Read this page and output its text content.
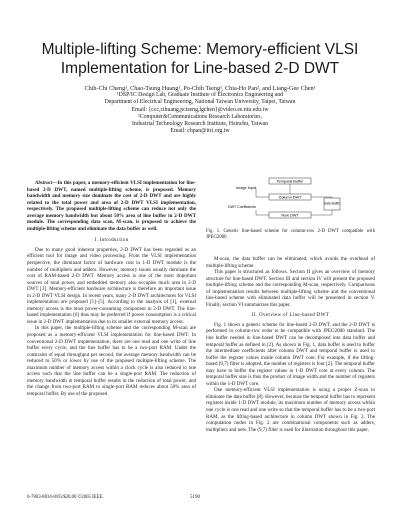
Multiple-lifting Scheme: Memory-efficient VLSI
Implementation for Line-based 2-D DWT
Chih-Chi Cheng¹, Chao-Tsung Huang¹, Po-Chih Tseng¹, Chia-Ho Pan², and Liang-Gee Chen¹
¹DSP/IC Design Lab, Graduate Institute of Electronics Engineering and
Department of Electrical Engineering, National Taiwan University, Taipei, Taiwan
Email: {ccc,cthuang,pctseng,lgchen}@video.ee.ntu.edu.tw
²Computer&Communications Research Laboratories,
Industrial Technology Research Institute, Hsinchu, Taiwan
Email: chpan@itri.org.tw

Abstract—In this paper, a memory-efficient VLSI implementation for line-based 2-D DWT, named multiple-lifting scheme, is proposed. Memory bandwidth and memory size dominate the cost of 2-D DWT and are highly related to the total power and area of 2-D DWT VLSI implementation, respectively. The proposed multiple-lifting scheme can reduce not only the average memory bandwidth but about 50% area of line buffer in 2-D DWT module. The corresponding data scan, M-scan, is proposed to achieve the multiple-lifting scheme and eliminate the data buffer as well.

I. Introduction

Due to many good inherent properties, 2-D DWT has been regarded as an efficient tool for image and video processing. From the VLSI implementation perspective, the dominant factor of hardware cost in 1-D DWT module is the number of multipliers and adders. However, memory issues usually dominate the cost of RAM-based 2-D DWT. Memory access is one of the most important sources of total power, and embedded memory also occupies much area in 2-D DWT [1]. Memory-efficient hardware architecture is therefore an important issue in 2-D DWT VLSI design. In recent years, many 2-D DWT architectures for VLSI implementation are proposed [1]–[5]. According to the analysis of [1], external memory access is the most power-consuming component in 2-D DWT. The line-based implementation [6] thus may be preferred if power consumption is a critical issue in 2-D DWT implementation due to its smaller external memory access.

In this paper, the multiple-lifting scheme and the corresponding M-scan are proposed as a memory-efficient VLSI implementation for line-based DWT. In conventional 2-D DWT implementation, there are one read and one write of line buffer every cycle, and the line buffer has to be a two-port RAM. Under the constraint of equal throughput per second, the average memory bandwidth can be reduced to 50% or lower by use of the proposed multiple-lifting scheme. The maximum number of memory access within a clock cycle is also reduced to one access such that the line buffer can be a single-port RAM. The reduction of memory bandwidth in temporal buffer results in the reduction of total power, and the change from two-port RAM to single-port RAM reduces about 50% area of temporal buffer. By use of the proposed

Temporal Buffer
Column DWT
Data Buffer
Row DWT
Image Input
DWT Coefficients
Fig. 1. Generic line-based scheme for column-row 2-D DWT compatible with JPEG2000

M-scan, the data buffer can be eliminated, which avoids the overhead of multiple-lifting scheme.

This paper is structured as follows. Section II gives an overview of memory structure for line-based DWT. Section III and section IV will present the proposed multiple-lifting scheme and the corresponding M-scan, respectively. Comparisons of implementation results between multiple-lifting scheme and the conventional line-based scheme with eliminated data buffer will be presented in section V. Finally, section VI summarizes this paper.

II. Overview of Line-based DWT

Fig. 1 shows a generic scheme for line-based 2-D DWT, and the 2-D DWT is performed in column-row order to be compatible with JPEG2000 standard. The line buffer needed in line-based DWT can be decomposed into data buffer and temporal buffer as defined in [2]. As shown in Fig. 1, data buffer is used to buffer the intermediate coefficients after column DWT and temporal buffer is used to buffer the register values inside column DWT core. For example, if the lifting-based (9,7) filter is adopted, the number of registers is four [2]. The temporal buffer may have to buffer the register values in 1-D DWT core at every column. The temporal buffer size is thus the product of image width and the number of registers within the 1-D DWT core.

One memory-efficient VLSI implementation is using a proper Z-scan to eliminate the data buffer [8]. However, because the temporal buffer has to represent registers inside 1-D DWT module, its maximum number of memory access within one cycle is one read and one write so that the temporal buffer has to be a two-port RAM, as the lifting-based architecture in column DWT shown in Fig. 2. The computation nodes in Fig. 2 are combinational components such as adders, multipliers and nets. The (9,7) filter is used for illustration throughout this paper.

0-7803-8834-8/05/$20.00 ©2005 IEEE.	5190
